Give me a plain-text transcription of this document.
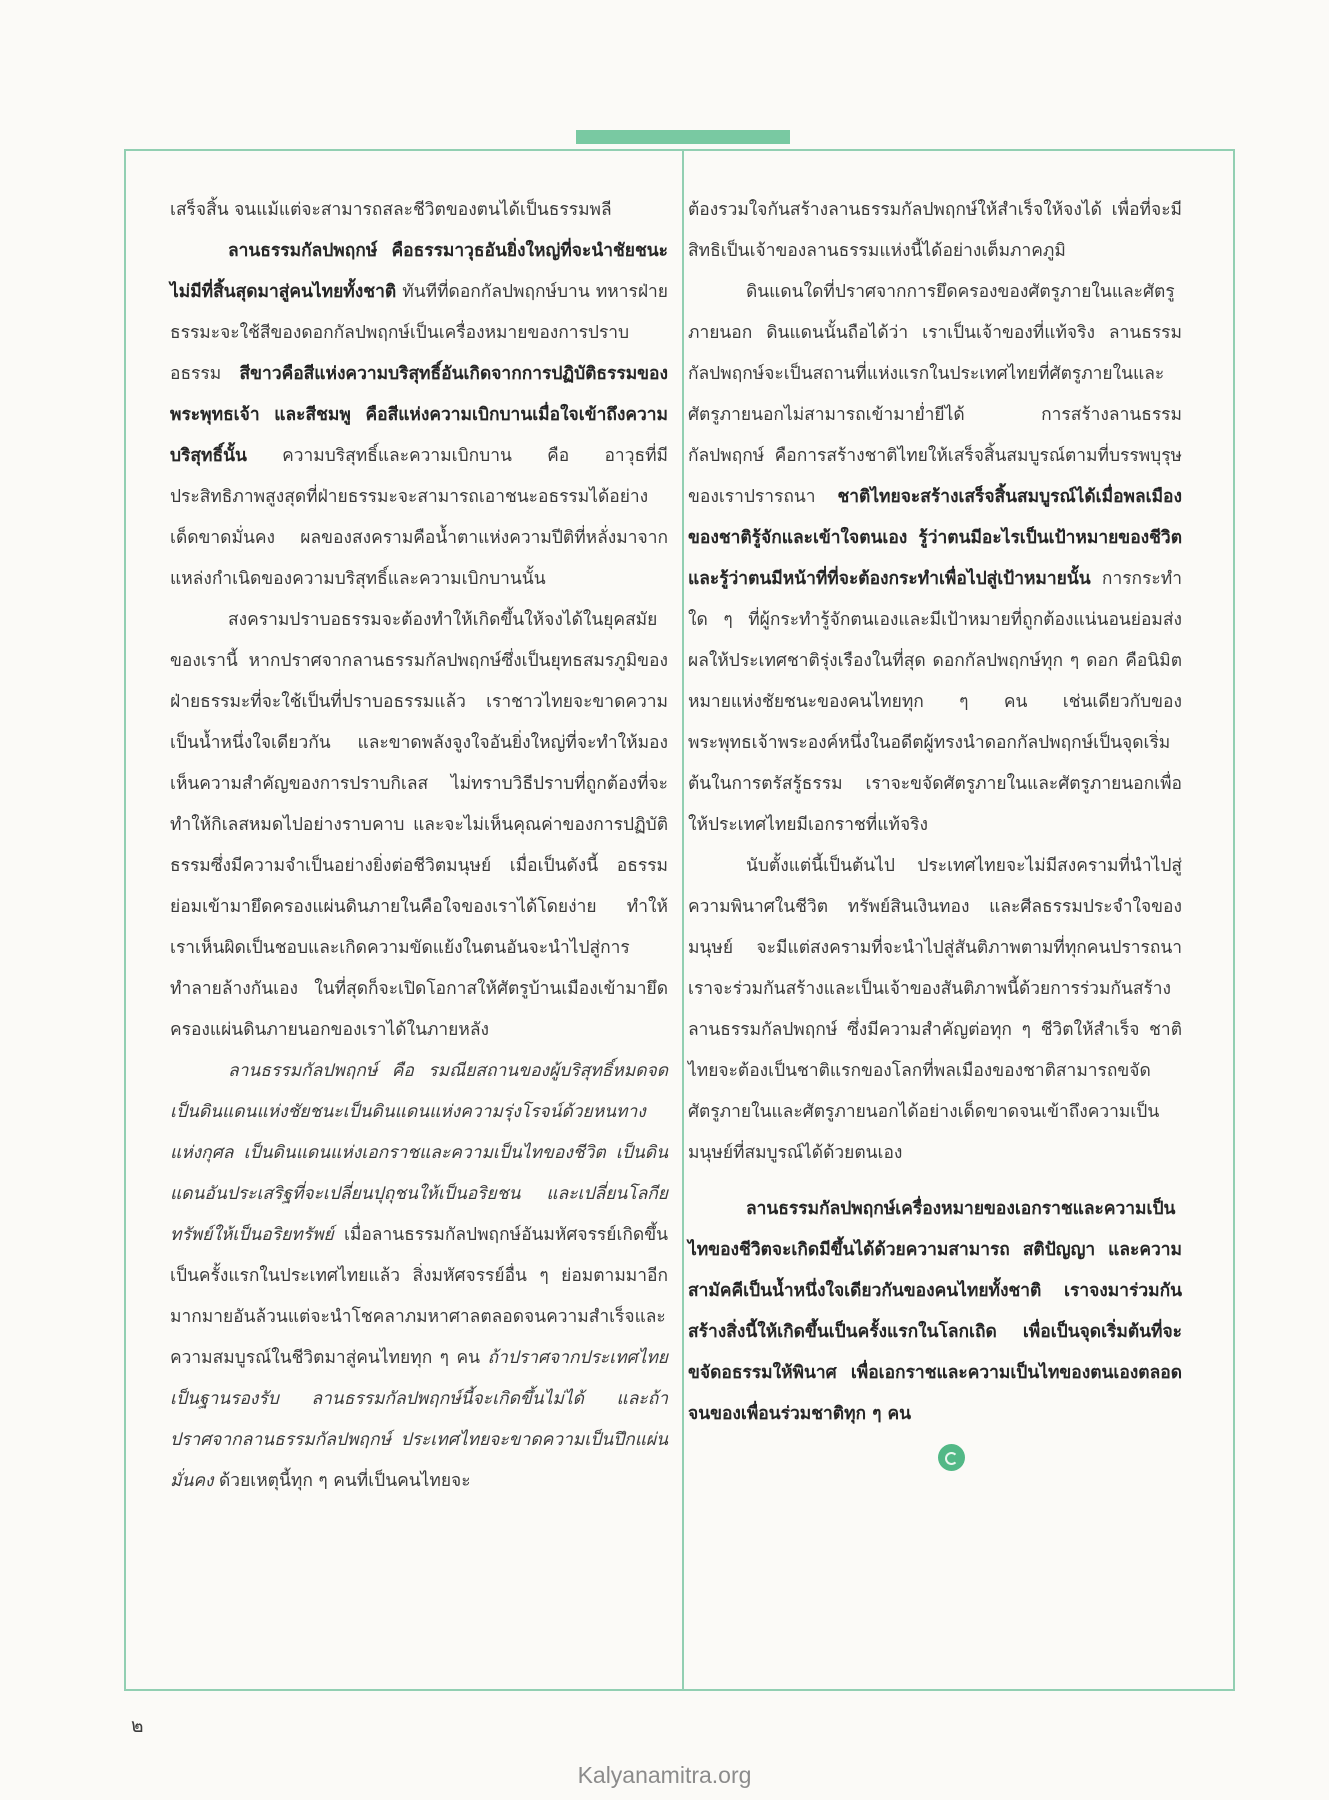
เสร็จสิ้น จนแม้แต่จะสามารถสละชีวิตของตนได้เป็นธรรมพลี

ลานธรรมกัลปพฤกษ์ คือธรรมาวุธอันยิ่งใหญ่ที่จะนำชัยชนะไม่มีที่สิ้นสุดมาสู่คนไทยทั้งชาติ ทันทีที่ดอกกัลปพฤกษ์บาน ทหารฝ่ายธรรมะจะใช้สีของดอกกัลปพฤกษ์เป็นเครื่องหมายของการปราบอธรรม สีขาวคือสีแห่งความบริสุทธิ์อันเกิดจากการปฏิบัติธรรมของพระพุทธเจ้า และสีชมพู คือสีแห่งความเบิกบานเมื่อใจเข้าถึงความบริสุทธิ์นั้น ความบริสุทธิ์และความเบิกบาน คือ อาวุธที่มีประสิทธิภาพสูงสุดที่ฝ่ายธรรมะจะสามารถเอาชนะอธรรมได้อย่างเด็ดขาดมั่นคง ผลของสงครามคือน้ำตาแห่งความปีติที่หลั่งมาจากแหล่งกำเนิดของความบริสุทธิ์และความเบิกบานนั้น

สงครามปราบอธรรมจะต้องทำให้เกิดขึ้นให้จงได้ในยุคสมัยของเรานี้ หากปราศจากลานธรรมกัลปพฤกษ์ซึ่งเป็นยุทธสมรภูมิของฝ่ายธรรมะที่จะใช้เป็นที่ปราบอธรรมแล้ว เราชาวไทยจะขาดความเป็นน้ำหนึ่งใจเดียวกัน และขาดพลังจูงใจอันยิ่งใหญ่ที่จะทำให้มองเห็นความสำคัญของการปราบกิเลส ไม่ทราบวิธีปราบที่ถูกต้องที่จะทำให้กิเลสหมดไปอย่างราบคาบ และจะไม่เห็นคุณค่าของการปฏิบัติธรรมซึ่งมีความจำเป็นอย่างยิ่งต่อชีวิตมนุษย์ เมื่อเป็นดังนี้ อธรรมย่อมเข้ามายึดครองแผ่นดินภายในคือใจของเราได้โดยง่าย ทำให้เราเห็นผิดเป็นชอบและเกิดความขัดแย้งในตนอันจะนำไปสู่การทำลายล้างกันเอง ในที่สุดก็จะเปิดโอกาสให้ศัตรูบ้านเมืองเข้ามายึดครองแผ่นดินภายนอกของเราได้ในภายหลัง

ลานธรรมกัลปพฤกษ์ คือ รมณียสถานของผู้บริสุทธิ์หมดจด เป็นดินแดนแห่งชัยชนะเป็นดินแดนแห่งความรุ่งโรจน์ด้วยหนทางแห่งกุศล เป็นดินแดนแห่งเอกราชและความเป็นไทของชีวิต เป็นดินแดนอันประเสริฐที่จะเปลี่ยนปุถุชนให้เป็นอริยชน และเปลี่ยนโลกียทรัพย์ให้เป็นอริยทรัพย์ เมื่อลานธรรมกัลปพฤกษ์อันมหัศจรรย์เกิดขึ้นเป็นครั้งแรกในประเทศไทยแล้ว สิ่งมหัศจรรย์อื่น ๆ ย่อมตามมาอีกมากมายอันล้วนแต่จะนำโชคลาภมหาศาลตลอดจนความสำเร็จและความสมบูรณ์ในชีวิตมาสู่คนไทยทุก ๆ คน ถ้าปราศจากประเทศไทยเป็นฐานรองรับ ลานธรรมกัลปพฤกษ์นี้จะเกิดขึ้นไม่ได้ และถ้าปราศจากลานธรรมกัลปพฤกษ์ ประเทศไทยจะขาดความเป็นปึกแผ่นมั่นคง ด้วยเหตุนี้ทุก ๆ คนที่เป็นคนไทยจะ

ต้องรวมใจกันสร้างลานธรรมกัลปพฤกษ์ให้สำเร็จให้จงได้ เพื่อที่จะมีสิทธิเป็นเจ้าของลานธรรมแห่งนี้ได้อย่างเต็มภาคภูมิ

ดินแดนใดที่ปราศจากการยึดครองของศัตรูภายในและศัตรูภายนอก ดินแดนนั้นถือได้ว่า เราเป็นเจ้าของที่แท้จริง ลานธรรมกัลปพฤกษ์จะเป็นสถานที่แห่งแรกในประเทศไทยที่ศัตรูภายในและศัตรูภายนอกไม่สามารถเข้ามาย่ำยีได้ การสร้างลานธรรมกัลปพฤกษ์ คือการสร้างชาติไทยให้เสร็จสิ้นสมบูรณ์ตามที่บรรพบุรุษของเราปรารถนา ชาติไทยจะสร้างเสร็จสิ้นสมบูรณ์ได้เมื่อพลเมืองของชาติรู้จักและเข้าใจตนเอง รู้ว่าตนมีอะไรเป็นเป้าหมายของชีวิต และรู้ว่าตนมีหน้าที่ที่จะต้องกระทำเพื่อไปสู่เป้าหมายนั้น การกระทำใด ๆ ที่ผู้กระทำรู้จักตนเองและมีเป้าหมายที่ถูกต้องแน่นอนย่อมส่งผลให้ประเทศชาติรุ่งเรืองในที่สุด ดอกกัลปพฤกษ์ทุก ๆ ดอก คือนิมิตหมายแห่งชัยชนะของคนไทยทุก ๆ คน เช่นเดียวกับของพระพุทธเจ้าพระองค์หนึ่งในอดีตผู้ทรงนำดอกกัลปพฤกษ์เป็นจุดเริ่มต้นในการตรัสรู้ธรรม เราจะขจัดศัตรูภายในและศัตรูภายนอกเพื่อให้ประเทศไทยมีเอกราชที่แท้จริง

นับตั้งแต่นี้เป็นต้นไป ประเทศไทยจะไม่มีสงครามที่นำไปสู่ความพินาศในชีวิต ทรัพย์สินเงินทอง และศีลธรรมประจำใจของมนุษย์ จะมีแต่สงครามที่จะนำไปสู่สันติภาพตามที่ทุกคนปรารถนา เราจะร่วมกันสร้างและเป็นเจ้าของสันติภาพนี้ด้วยการร่วมกันสร้างลานธรรมกัลปพฤกษ์ ซึ่งมีความสำคัญต่อทุก ๆ ชีวิตให้สำเร็จ ชาติไทยจะต้องเป็นชาติแรกของโลกที่พลเมืองของชาติสามารถขจัดศัตรูภายในและศัตรูภายนอกได้อย่างเด็ดขาดจนเข้าถึงความเป็นมนุษย์ที่สมบูรณ์ได้ด้วยตนเอง

ลานธรรมกัลปพฤกษ์เครื่องหมายของเอกราชและความเป็นไทของชีวิตจะเกิดมีขึ้นได้ด้วยความสามารถ สติปัญญา และความสามัคคีเป็นน้ำหนึ่งใจเดียวกันของคนไทยทั้งชาติ เราจงมาร่วมกันสร้างสิ่งนี้ให้เกิดขึ้นเป็นครั้งแรกในโลกเถิด เพื่อเป็นจุดเริ่มต้นที่จะขจัดอธรรมให้พินาศ เพื่อเอกราชและความเป็นไทของตนเองตลอดจนของเพื่อนร่วมชาติทุก ๆ คน

๒
Kalyanamitra.org
